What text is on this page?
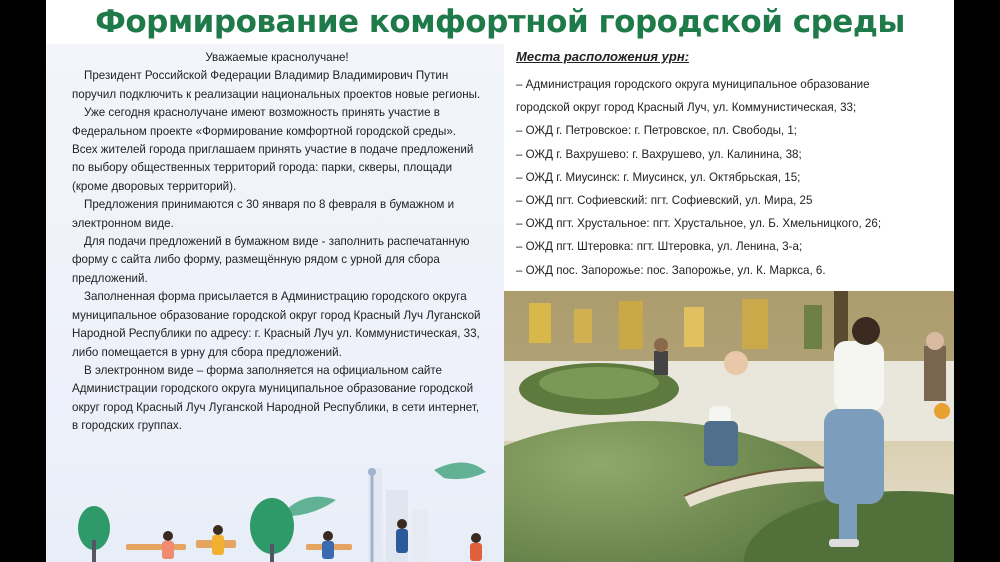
Формирование комфортной городской среды

Уважаемые краснолучане!

Президент Российской Федерации Владимир Владимирович Путин поручил подключить к реализации национальных проектов новые регионы.

Уже сегодня краснолучане имеют возможность принять участие в Федеральном проекте «Формирование комфортной городской среды». Всех жителей города приглашаем принять участие в подаче предложений по выбору общественных территорий города: парки, скверы, площади (кроме дворовых территорий).

Предложения принимаются с 30 января по 8 февраля в бумажном и электронном виде.

Для подачи предложений в бумажном виде - заполнить распечатанную форму с сайта либо форму, размещённую рядом с урной для сбора предложений.

Заполненная форма присылается в Администрацию городского округа муниципальное образование городской округ город Красный Луч Луганской Народной Республики по адресу: г. Красный Луч ул. Коммунистическая, 33, либо помещается в урну для сбора предложений.

В электронном виде – форма заполняется на официальном сайте Администрации городского округа муниципальное образование городской округ город Красный Луч Луганской Народной Республики, в сети интернет, в городских группах.

Места расположения урн:
– Администрация городского округа муниципальное образование
городской округ город Красный Луч, ул. Коммунистическая, 33;
– ОЖД г. Петровское: г. Петровское, пл. Свободы, 1;
– ОЖД г. Вахрушево: г. Вахрушево, ул. Калинина, 38;
– ОЖД г. Миусинск: г. Миусинск, ул. Октябрьская, 15;
– ОЖД пгт. Софиевский: пгт. Софиевский, ул. Мира, 25
– ОЖД пгт. Хрустальное: пгт. Хрустальное, ул. Б. Хмельницкого, 26;
– ОЖД пгт. Штеровка: пгт. Штеровка, ул. Ленина, 3-а;
– ОЖД пос. Запорожье: пос. Запорожье, ул. К. Маркса, 6.
